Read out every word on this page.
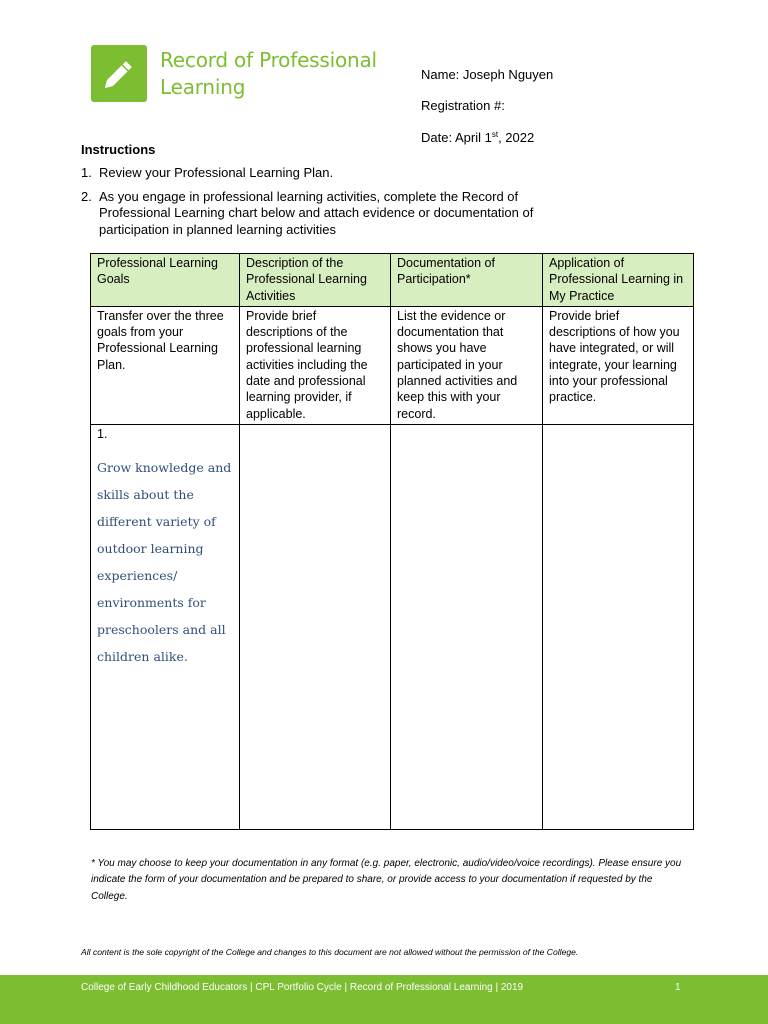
Record of Professional Learning
Name: Joseph Nguyen
Registration #:
Date: April 1st, 2022
Instructions
1. Review your Professional Learning Plan.
2. As you engage in professional learning activities, complete the Record of Professional Learning chart below and attach evidence or documentation of participation in planned learning activities
Professional Learning Goals	Description of the Professional Learning Activities	Documentation of Participation*	Application of Professional Learning in My Practice
Transfer over the three goals from your Professional Learning Plan.	Provide brief descriptions of the professional learning activities including the date and professional learning provider, if applicable.	List the evidence or documentation that shows you have participated in your planned activities and keep this with your record.	Provide brief descriptions of how you have integrated, or will integrate, your learning into your professional practice.

1.
Grow knowledge and skills about the different variety of outdoor learning experiences/ environments for preschoolers and all children alike.			

* You may choose to keep your documentation in any format (e.g. paper, electronic, audio/video/voice recordings). Please ensure you indicate the form of your documentation and be prepared to share, or provide access to your documentation if requested by the College.
All content is the sole copyright of the College and changes to this document are not allowed without the permission of the College.
College of Early Childhood Educators | CPL Portfolio Cycle | Record of Professional Learning | 2019	1
